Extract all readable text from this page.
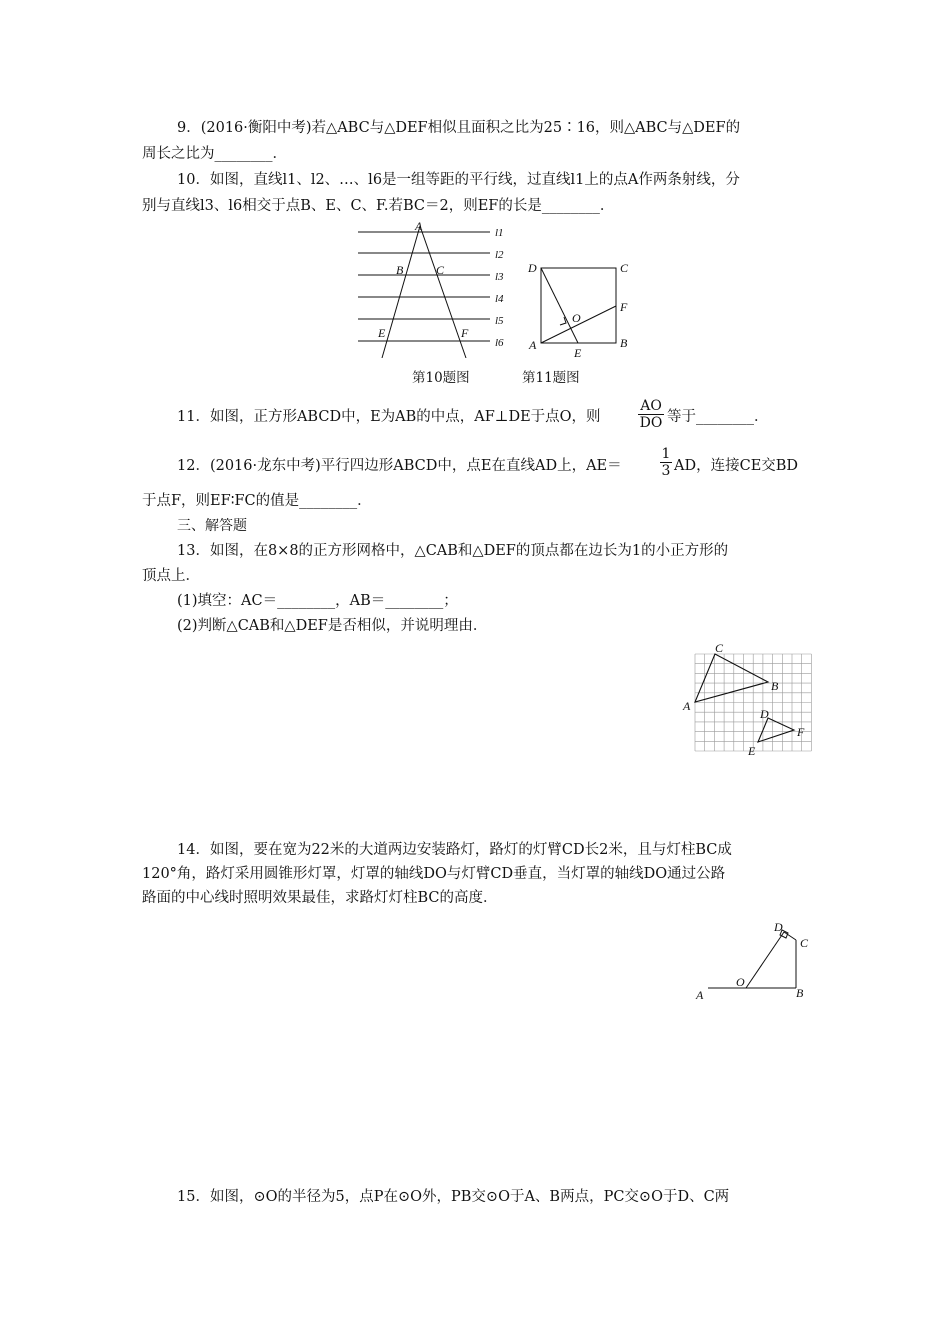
9．(2016·衡阳中考)若△ABC与△DEF相似且面积之比为25∶16，则△ABC与△DEF的
周长之比为________．
10．如图，直线l1、l2、…、l6是一组等距的平行线，过直线l1上的点A作两条射线，分
别与直线l3、l6相交于点B、E、C、F.若BC＝2，则EF的长是________．
A
B	C
E	F
l1
l2
l3
l4
l5
l6
第10题图
D	C
F
O
A	B
E
第11题图
11．如图，正方形ABCD中，E为AB的中点，AF⊥DE于点O，则	$\frac{AO}{DO}$ 等于________．
12．(2016·龙东中考)平行四边形ABCD中，点E在直线AD上，AE＝	$\frac{1}{3}$ AD，连接CE交BD
于点F，则EF∶FC的值是________．
三、解答题
13．如图，在8×8的正方形网格中，△CAB和△DEF的顶点都在边长为1的小正方形的
顶点上．
(1)填空：AC＝________，AB＝________；
(2)判断△CAB和△DEF是否相似，并说明理由．
C
A
B
D
E
F
14．如图，要在宽为22米的大道两边安装路灯，路灯的灯臂CD长2米，且与灯柱BC成
120°角，路灯采用圆锥形灯罩，灯罩的轴线DO与灯臂CD垂直，当灯罩的轴线DO通过公路
路面的中心线时照明效果最佳，求路灯灯柱BC的高度．
D
C
O
A	B
15．如图，⊙O的半径为5，点P在⊙O外，PB交⊙O于A、B两点，PC交⊙O于D、C两
